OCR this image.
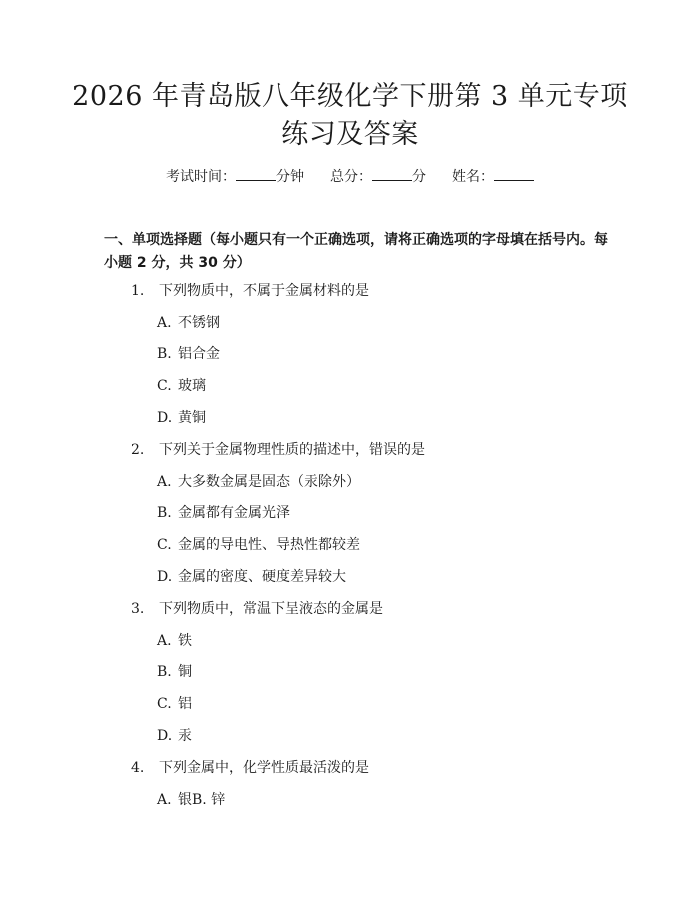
2026 年青岛版八年级化学下册第 3 单元专项
练习及答案
考试时间：	分钟 总分：	分 姓名：
一、单项选择题（每小题只有一个正确选项，请将正确选项的字母填在括号内。每小题 2 分，共 30 分）
1. 下列物质中，不属于金属材料的是
A. 不锈钢
B. 铝合金
C. 玻璃
D. 黄铜
2. 下列关于金属物理性质的描述中，错误的是
A. 大多数金属是固态（汞除外）
B. 金属都有金属光泽
C. 金属的导电性、导热性都较差
D. 金属的密度、硬度差异较大
3. 下列物质中，常温下呈液态的金属是
A. 铁
B. 铜
C. 铝
D. 汞
4. 下列金属中，化学性质最活泼的是
A. 银B. 锌
